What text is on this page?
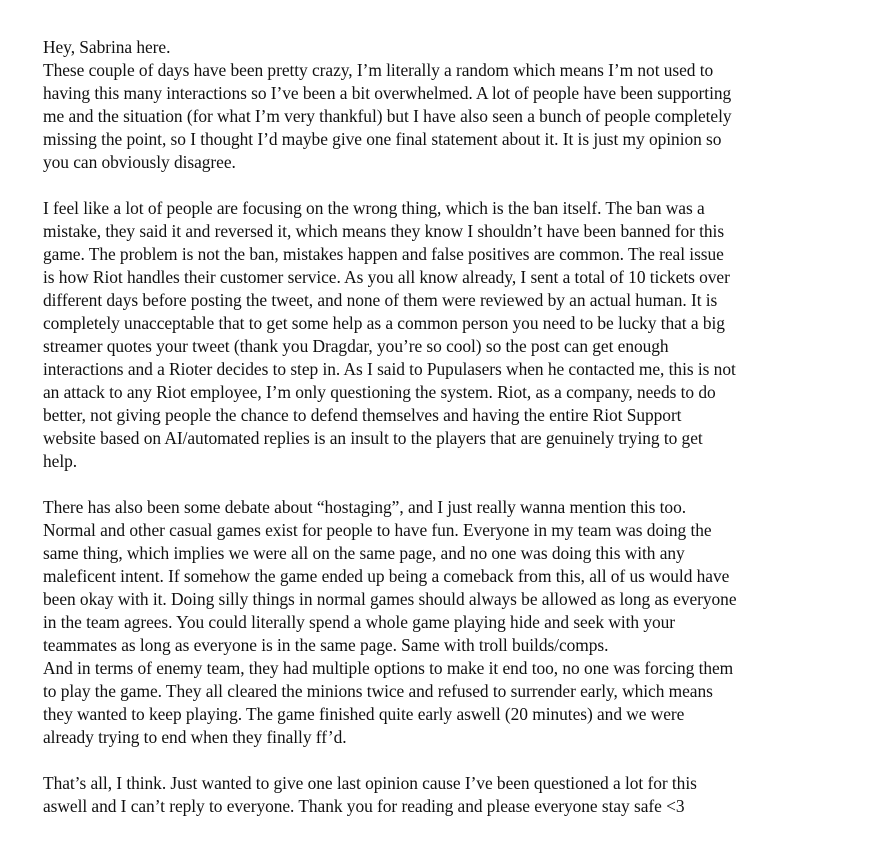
Hey, Sabrina here.
These couple of days have been pretty crazy, I’m literally a random which means I’m not used to
having this many interactions so I’ve been a bit overwhelmed. A lot of people have been supporting
me and the situation (for what I’m very thankful) but I have also seen a bunch of people completely
missing the point, so I thought I’d maybe give one final statement about it. It is just my opinion so
you can obviously disagree.

I feel like a lot of people are focusing on the wrong thing, which is the ban itself. The ban was a
mistake, they said it and reversed it, which means they know I shouldn’t have been banned for this
game. The problem is not the ban, mistakes happen and false positives are common. The real issue
is how Riot handles their customer service. As you all know already, I sent a total of 10 tickets over
different days before posting the tweet, and none of them were reviewed by an actual human. It is
completely unacceptable that to get some help as a common person you need to be lucky that a big
streamer quotes your tweet (thank you Dragdar, you’re so cool) so the post can get enough
interactions and a Rioter decides to step in. As I said to Pupulasers when he contacted me, this is not
an attack to any Riot employee, I’m only questioning the system. Riot, as a company, needs to do
better, not giving people the chance to defend themselves and having the entire Riot Support
website based on AI/automated replies is an insult to the players that are genuinely trying to get
help.

There has also been some debate about “hostaging”, and I just really wanna mention this too.
Normal and other casual games exist for people to have fun. Everyone in my team was doing the
same thing, which implies we were all on the same page, and no one was doing this with any
maleficent intent. If somehow the game ended up being a comeback from this, all of us would have
been okay with it. Doing silly things in normal games should always be allowed as long as everyone
in the team agrees. You could literally spend a whole game playing hide and seek with your
teammates as long as everyone is in the same page. Same with troll builds/comps.
And in terms of enemy team, they had multiple options to make it end too, no one was forcing them
to play the game. They all cleared the minions twice and refused to surrender early, which means
they wanted to keep playing. The game finished quite early aswell (20 minutes) and we were
already trying to end when they finally ff’d.

That’s all, I think. Just wanted to give one last opinion cause I’ve been questioned a lot for this
aswell and I can’t reply to everyone. Thank you for reading and please everyone stay safe <3
